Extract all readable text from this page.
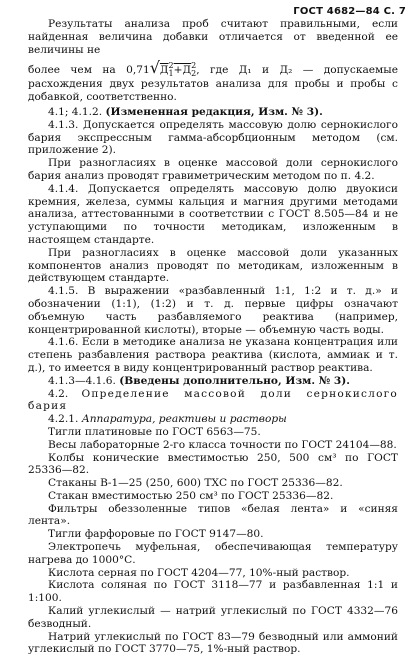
ГОСТ 4682—84 С. 7

Результаты анализа проб считают правильными, если найденная величина добавки отличается от введенной ее величины не

более чем на 0,71√Д2
1+Д2
2, где Д₁ и Д₂ — допускаемые расхождения двух результатов анализа для пробы и пробы с добавкой, соответственно.

4.1; 4.1.2. (Измененная редакция, Изм. № 3).

4.1.3. Допускается определять массовую долю сернокислого бария экспрессным гамма-абсорбционным методом (см. приложение 2).

При разногласиях в оценке массовой доли сернокислого бария анализ проводят гравиметрическим методом по п. 4.2.

4.1.4. Допускается определять массовую долю двуокиси кремния, железа, суммы кальция и магния другими методами анализа, аттестованными в соответствии с ГОСТ 8.505—84 и не уступающими по точности методикам, изложенным в настоящем стандарте.

При разногласиях в оценке массовой доли указанных компонентов анализ проводят по методикам, изложенным в действующем стандарте.

4.1.5. В выражении «разбавленный 1:1, 1:2 и т. д.» и обозначении (1:1), (1:2) и т. д. первые цифры означают объемную часть разбавляемого реактива (например, концентрированной кислоты), вторые — объемную часть воды.

4.1.6. Если в методике анализа не указана концентрация или степень разбавления раствора реактива (кислота, аммиак и т. д.), то имеется в виду концентрированный раствор реактива.

4.1.3—4.1.6. (Введены дополнительно, Изм. № 3).

4.2. Определение массовой доли сернокислого бария

4.2.1. Аппаратура, реактивы и растворы

Тигли платиновые по ГОСТ 6563—75.

Весы лабораторные 2-го класса точности по ГОСТ 24104—88.

Колбы конические вместимостью 250, 500 см³ по ГОСТ 25336—82.

Стаканы В-1—25 (250, 600) ТХС по ГОСТ 25336—82.

Стакан вместимостью 250 см³ по ГОСТ 25336—82.

Фильтры обеззоленные типов «белая лента» и «синяя лента».

Тигли фарфоровые по ГОСТ 9147—80.

Электропечь муфельная, обеспечивающая температуру нагрева до 1000°С.

Кислота серная по ГОСТ 4204—77, 10%-ный раствор.

Кислота соляная по ГОСТ 3118—77 и разбавленная 1:1 и 1:100.

Калий углекислый — натрий углекислый по ГОСТ 4332—76 безводный.

Натрий углекислый по ГОСТ 83—79 безводный или аммоний углекислый по ГОСТ 3770—75, 1%-ный раствор.
